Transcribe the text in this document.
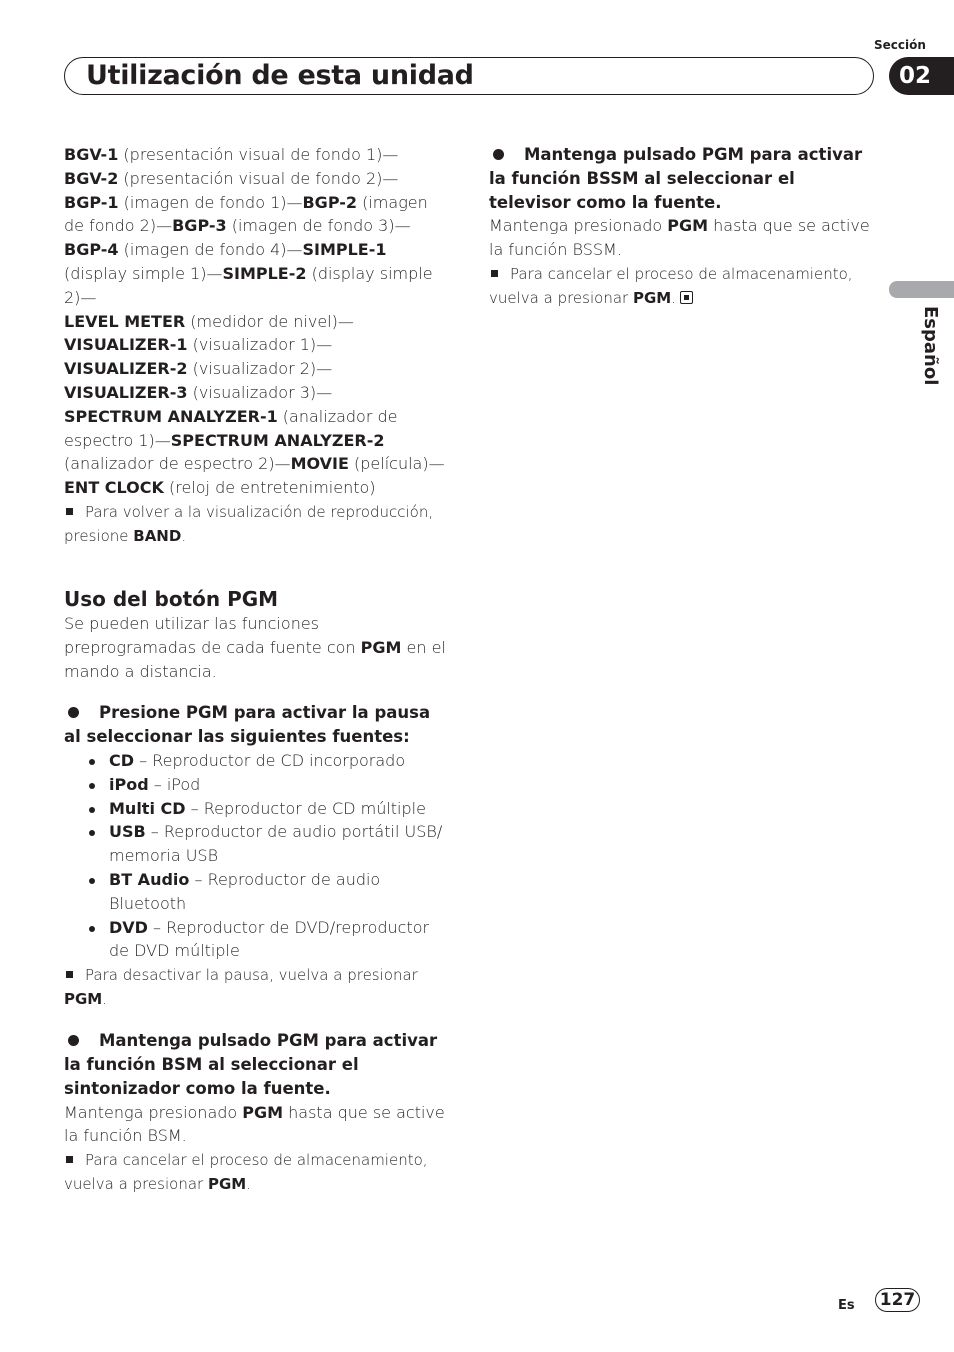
Utilización de esta unidad
Sección
02
Español

BGV-1 (presentación visual de fondo 1)—
BGV-2 (presentación visual de fondo 2)—
BGP-1 (imagen de fondo 1)—BGP-2 (imagen de fondo 2)—BGP-3 (imagen de fondo 3)— BGP-4 (imagen de fondo 4)—SIMPLE-1 (display simple 1)—SIMPLE-2 (display simple 2)—
LEVEL METER (medidor de nivel)—
VISUALIZER-1 (visualizador 1)—
VISUALIZER-2 (visualizador 2)—
VISUALIZER-3 (visualizador 3)—
SPECTRUM ANALYZER-1 (analizador de espectro 1)—SPECTRUM ANALYZER-2 (analizador de espectro 2)—MOVIE (película)—
ENT CLOCK (reloj de entretenimiento)

Para volver a la visualización de reproducción, presione BAND.

Uso del botón PGM

Se pueden utilizar las funciones preprogramadas de cada fuente con PGM en el mando a distancia.

Presione PGM para activar la pausa al seleccionar las siguientes fuentes:

CD – Reproductor de CD incorporado
iPod – iPod
Multi CD – Reproductor de CD múltiple
USB – Reproductor de audio portátil USB/ memoria USB
BT Audio – Reproductor de audio Bluetooth
DVD – Reproductor de DVD/reproductor de DVD múltiple

Para desactivar la pausa, vuelva a presionar PGM.

Mantenga pulsado PGM para activar la función BSM al seleccionar el sintonizador como la fuente.

Mantenga presionado PGM hasta que se active la función BSM.

Para cancelar el proceso de almacenamiento, vuelva a presionar PGM.

Mantenga pulsado PGM para activar la función BSSM al seleccionar el televisor como la fuente.

Mantenga presionado PGM hasta que se active la función BSSM.

Para cancelar el proceso de almacenamiento, vuelva a presionar PGM.

Es 127
